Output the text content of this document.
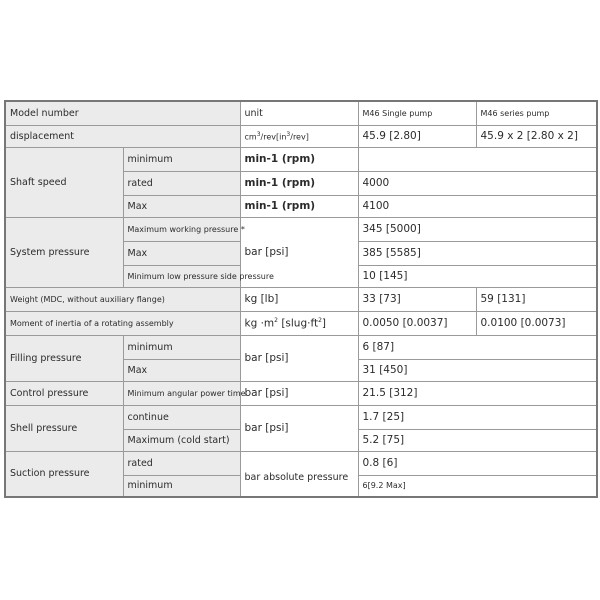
Model number		unit	M46 Single pump	M46 series pump
displacement		$cm^3/rev[in^3/rev]$	45.9 [2.80]	45.9 x 2 [2.80 x 2]
Shaft speed	minimum	min-1 (rpm)		
	rated	min-1 (rpm)	4000	
	Max	min-1 (rpm)	4100	
System pressure	Maximum working pressure *	bar [psi]	345 [5000]	
	Max		385 [5585]	
	Minimum low pressure side pressure		10 [145]	
Weight (MDC, without auxiliary flange)		kg [lb]	33 [73]	59 [131]
Moment of inertia of a rotating assembly		kg $\cdot m^2$ $[slug\cdot ft^2]$	0.0050 [0.0037]	0.0100 [0.0073]
Filling pressure	minimum	bar [psi]	6 [87]	
	Max		31 [450]	
Control pressure	Minimum angular power time	bar [psi]	21.5 [312]	
Shell pressure	continue	bar [psi]	1.7 [25]	
	Maximum (cold start)		5.2 [75]	
Suction pressure	rated	bar absolute pressure	0.8 [6]	
	minimum		6[9.2 Max]	
